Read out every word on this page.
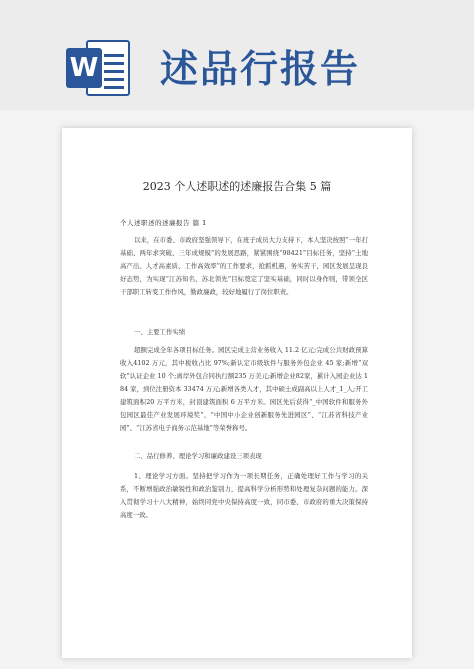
W 述品行报告
2023 个人述职述的述廉报告合集 5 篇
个人述职述的述廉报告 篇 1
以来，在市委、市政府坚强领导下，在班子成员大力支持下，本人坚决按照“一年打基础、两年求突破、三年成规模”的发展思路，紧紧围绕“98421”目标任务，坚持“土地高产出、人才高素质、工作高效率”的工作要求，抢抓机遇，务实苦干，园区发展呈现良好态势，为实现“江苏知名、苏北领先”目标奠定了坚实基础，同时以身作则，带领全区干部职工转变工作作风，勤政廉政，较好地履行了岗位职责。
一、主要工作实绩
超额完成全年各项目标任务。园区完成主营业务收入 11.2 亿元;完成公共财政预算收入4102 万元，其中税收占比 97%;新认定市级软件与服务外包企业 45 家;新增“双软”认证企业 10 个;离岸外包合同执行额235 万美元;新增企业82家，累计入园企业达 184 家，到位注册资本 33474 万元;新增各类人才，其中硕士成副高以上人才_1_人;开工建筑面积20 万平方米，封顶建筑面积 6 万平方米。园区先后获得“_中国软件和服务外包园区最佳产业发展环境奖”、“中国中小企业创新服务先进园区”、“江苏省科技产业园”、“江苏省电子商务示范基地”等荣誉称号。
二、品行修养、理论学习和廉政建设三项表现
1、理论学习方面。坚持把学习作为一项长期任务，正确处理好工作与学习的关系，不断增强政治敏锐性和政治鉴别力，提高科学分析形势和处理复杂问题的能力。深入贯彻学习十八大精神，始终同党中央保持高度一致，同市委、市政府的重大决策保持高度一致。
